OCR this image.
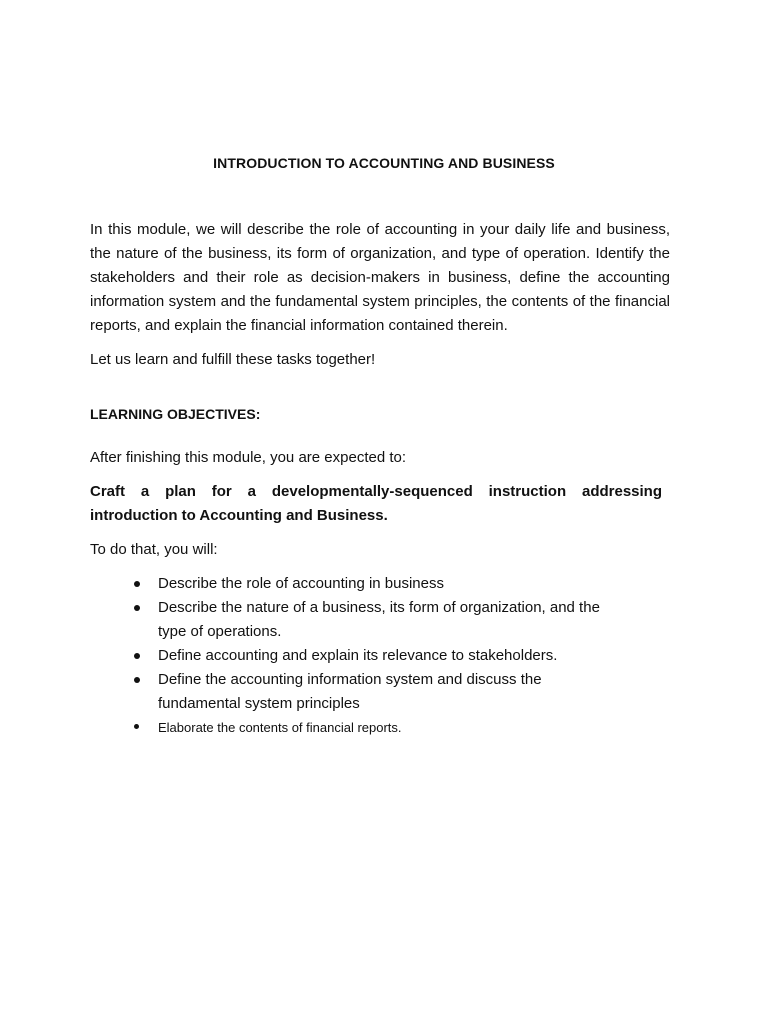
INTRODUCTION TO ACCOUNTING AND BUSINESS

In this module, we will describe the role of accounting in your daily life and business, the nature of the business, its form of organization, and type of operation. Identify the stakeholders and their role as decision-makers in business, define the accounting information system and the fundamental system principles, the contents of the financial reports, and explain the financial information contained therein.

Let us learn and fulfill these tasks together!

LEARNING OBJECTIVES:

After finishing this module, you are expected to:

Craft a plan for a developmentally-sequenced instruction addressing introduction to Accounting and Business.

To do that, you will:

Describe the role of accounting in business
Describe the nature of a business, its form of organization, and the type of operations.
Define accounting and explain its relevance to stakeholders.
Define the accounting information system and discuss the fundamental system principles
Elaborate the contents of financial reports.
